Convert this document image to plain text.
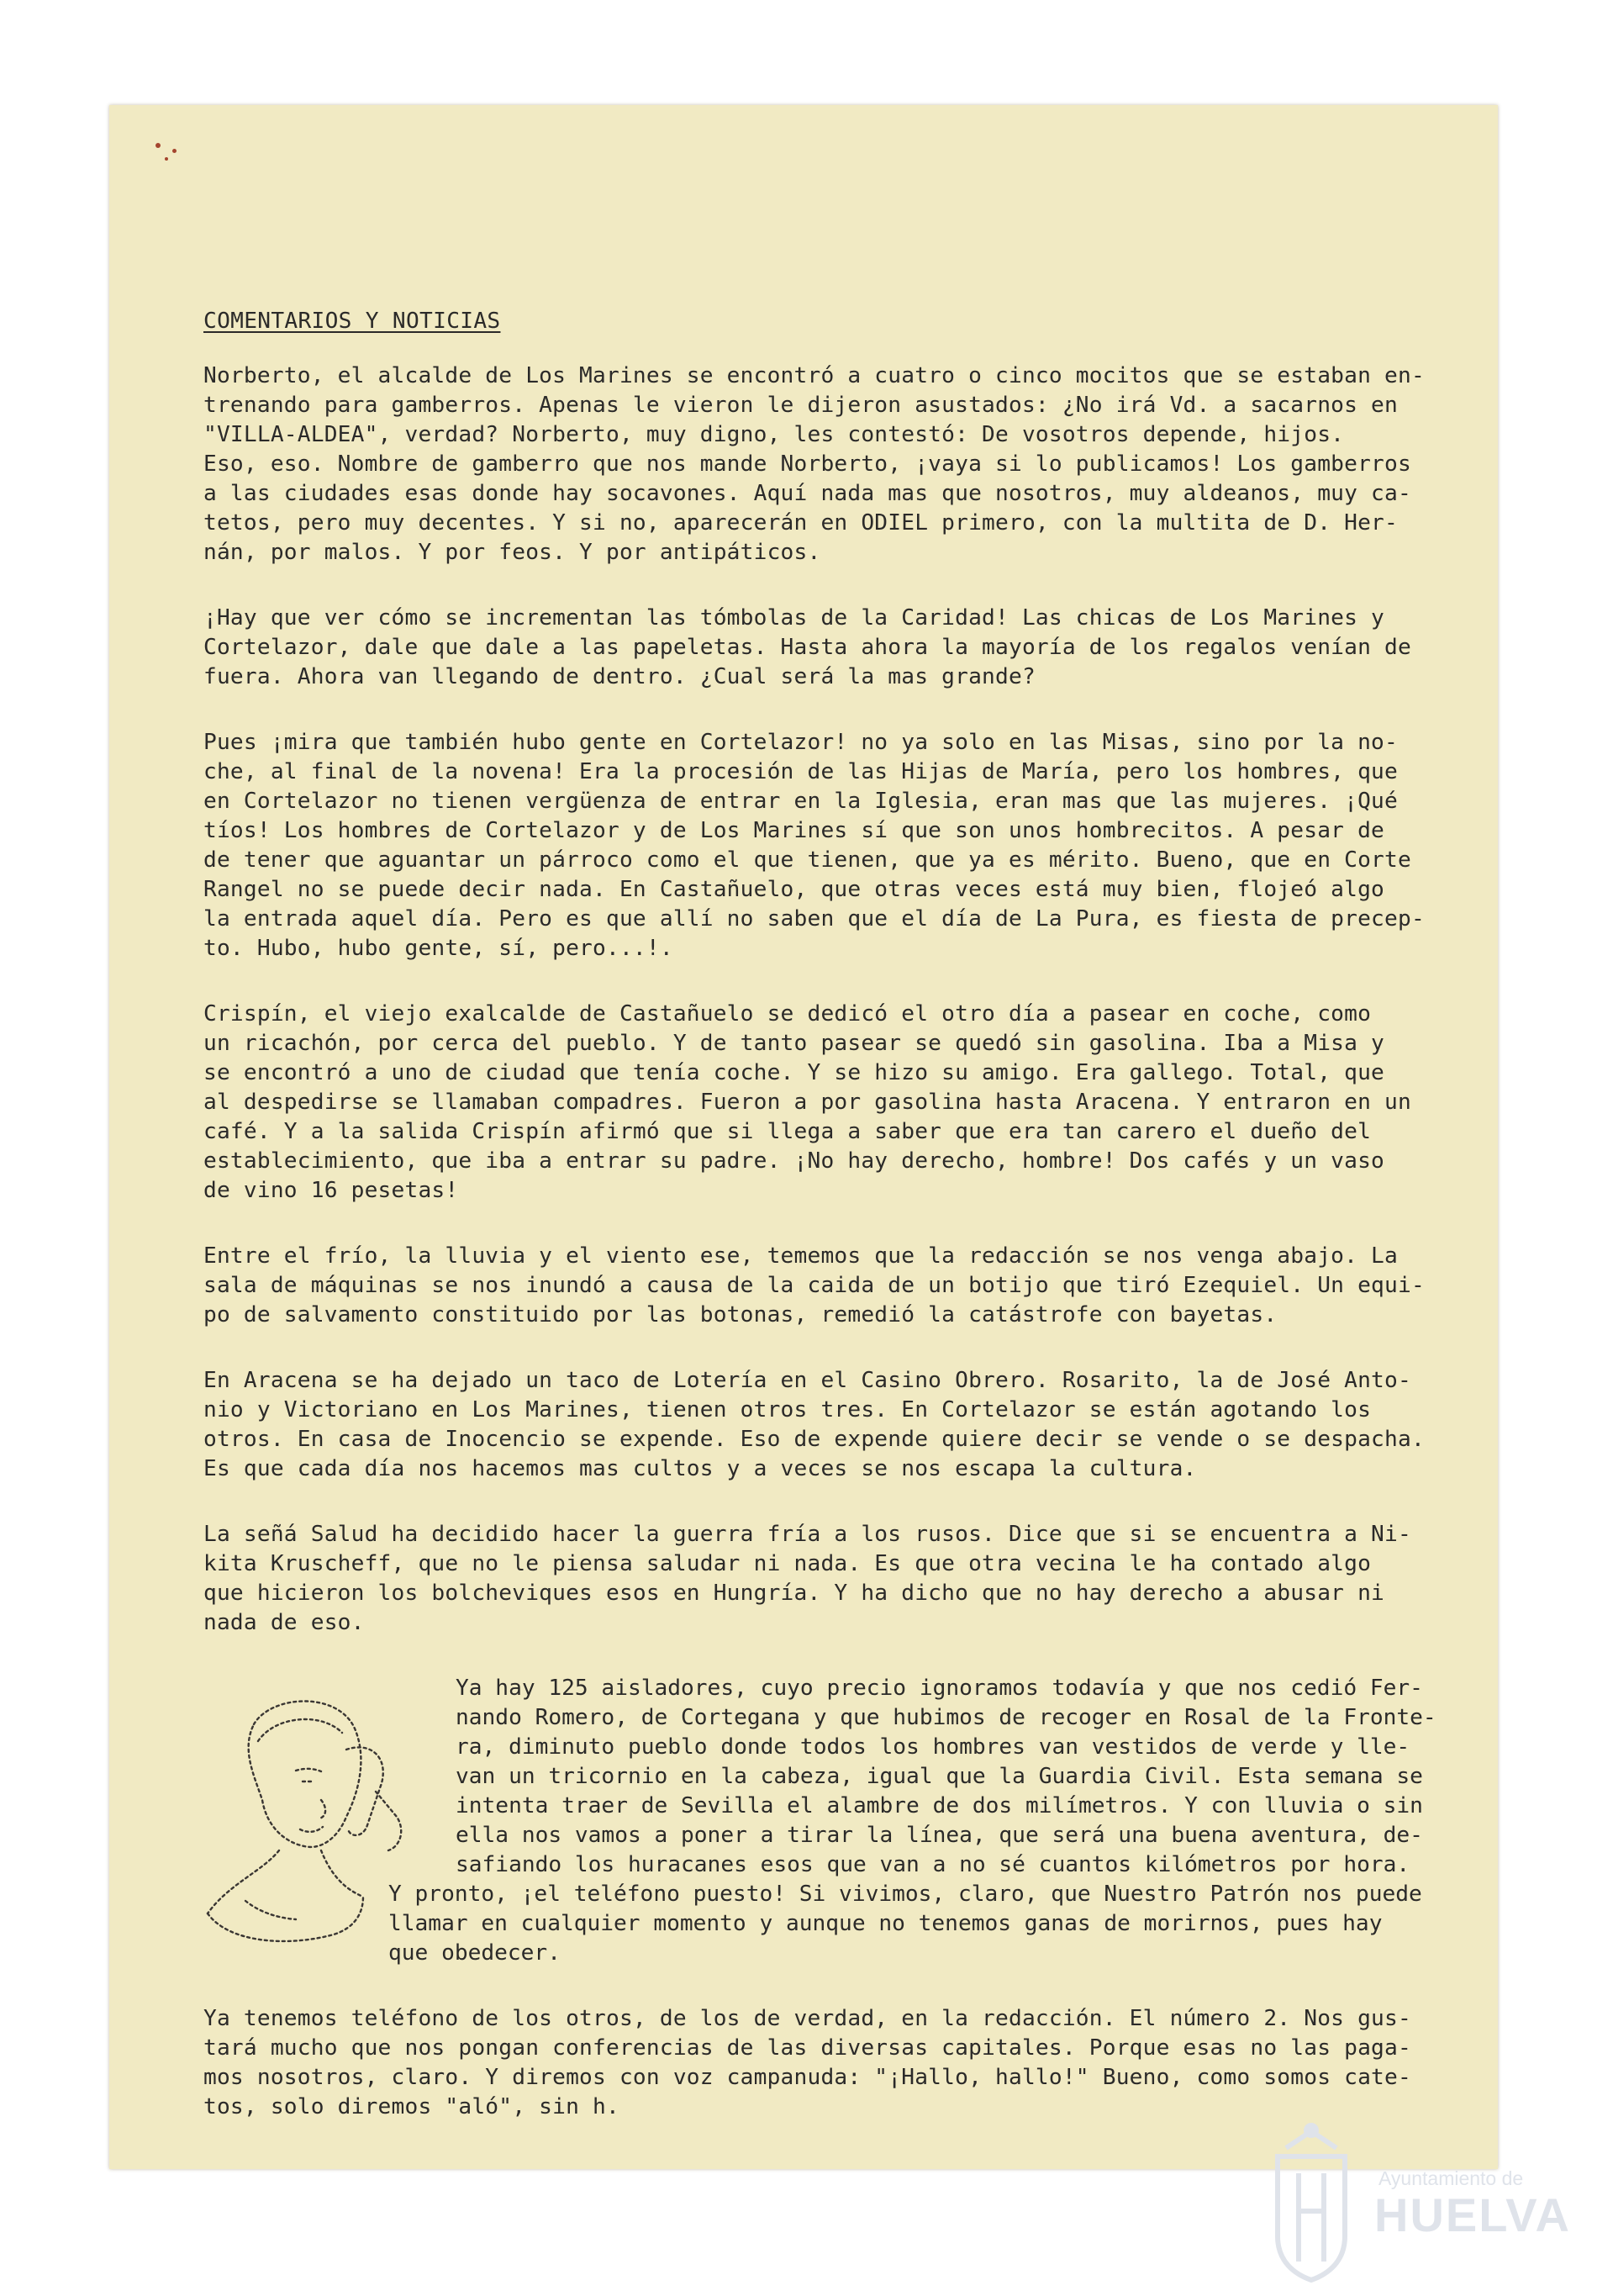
COMENTARIOS Y NOTICIAS
Norberto, el alcalde de Los Marines se encontró a cuatro o cinco mocitos que se estaban en-
trenando para gamberros. Apenas le vieron le dijeron asustados: ¿No irá Vd. a sacarnos en
"VILLA-ALDEA", verdad? Norberto, muy digno, les contestó: De vosotros depende, hijos.
Eso, eso. Nombre de gamberro que nos mande Norberto, ¡vaya si lo publicamos! Los gamberros
a las ciudades esas donde hay socavones. Aquí nada mas que nosotros, muy aldeanos, muy ca-
tetos, pero muy decentes. Y si no, aparecerán en ODIEL primero, con la multita de D. Her-
nán, por malos. Y por feos. Y por antipáticos.
¡Hay que ver cómo se incrementan las tómbolas de la Caridad! Las chicas de Los Marines y
Cortelazor, dale que dale a las papeletas. Hasta ahora la mayoría de los regalos venían de
fuera. Ahora van llegando de dentro. ¿Cual será la mas grande?
Pues ¡mira que también hubo gente en Cortelazor! no ya solo en las Misas, sino por la no-
che, al final de la novena! Era la procesión de las Hijas de María, pero los hombres, que
en Cortelazor no tienen vergüenza de entrar en la Iglesia, eran mas que las mujeres. ¡Qué
tíos! Los hombres de Cortelazor y de Los Marines sí que son unos hombrecitos. A pesar de
de tener que aguantar un párroco como el que tienen, que ya es mérito. Bueno, que en Corte
Rangel no se puede decir nada. En Castañuelo, que otras veces está muy bien, flojeó algo
la entrada aquel día. Pero es que allí no saben que el día de La Pura, es fiesta de precep-
to. Hubo, hubo gente, sí, pero...!.
Crispín, el viejo exalcalde de Castañuelo se dedicó el otro día a pasear en coche, como
un ricachón, por cerca del pueblo. Y de tanto pasear se quedó sin gasolina. Iba a Misa y
se encontró a uno de ciudad que tenía coche. Y se hizo su amigo. Era gallego. Total, que
al despedirse se llamaban compadres. Fueron a por gasolina hasta Aracena. Y entraron en un
café. Y a la salida Crispín afirmó que si llega a saber que era tan carero el dueño del
establecimiento, que iba a entrar su padre. ¡No hay derecho, hombre! Dos cafés y un vaso
de vino 16 pesetas!
Entre el frío, la lluvia y el viento ese, tememos que la redacción se nos venga abajo. La
sala de máquinas se nos inundó a causa de la caida de un botijo que tiró Ezequiel. Un equi-
po de salvamento constituido por las botonas, remedió la catástrofe con bayetas.
En Aracena se ha dejado un taco de Lotería en el Casino Obrero. Rosarito, la de José Anto-
nio y Victoriano en Los Marines, tienen otros tres. En Cortelazor se están agotando los
otros. En casa de Inocencio se expende. Eso de expende quiere decir se vende o se despacha.
Es que cada día nos hacemos mas cultos y a veces se nos escapa la cultura.
La señá Salud ha decidido hacer la guerra fría a los rusos. Dice que si se encuentra a Ni-
kita Kruscheff, que no le piensa saludar ni nada. Es que otra vecina le ha contado algo
que hicieron los bolcheviques esos en Hungría. Y ha dicho que no hay derecho a abusar ni
nada de eso.
Ya hay 125 aisladores, cuyo precio ignoramos todavía y que nos cedió Fer-
nando Romero, de Cortegana y que hubimos de recoger en Rosal de la Fronte-
ra, diminuto pueblo donde todos los hombres van vestidos de verde y lle-
van un tricornio en la cabeza, igual que la Guardia Civil. Esta semana se
intenta traer de Sevilla el alambre de dos milímetros. Y con lluvia o sin
ella nos vamos a poner a tirar la línea, que será una buena aventura, de-
safiando los huracanes esos que van a no sé cuantos kilómetros por hora.
Y pronto, ¡el teléfono puesto! Si vivimos, claro, que Nuestro Patrón nos puede
llamar en cualquier momento y aunque no tenemos ganas de morirnos, pues hay
que obedecer.
Ya tenemos teléfono de los otros, de los de verdad, en la redacción. El número 2. Nos gus-
tará mucho que nos pongan conferencias de las diversas capitales. Porque esas no las paga-
mos nosotros, claro. Y diremos con voz campanuda: "¡Hallo, hallo!" Bueno, como somos cate-
tos, solo diremos "aló", sin h.
Ayuntamiento de
HUELVA
